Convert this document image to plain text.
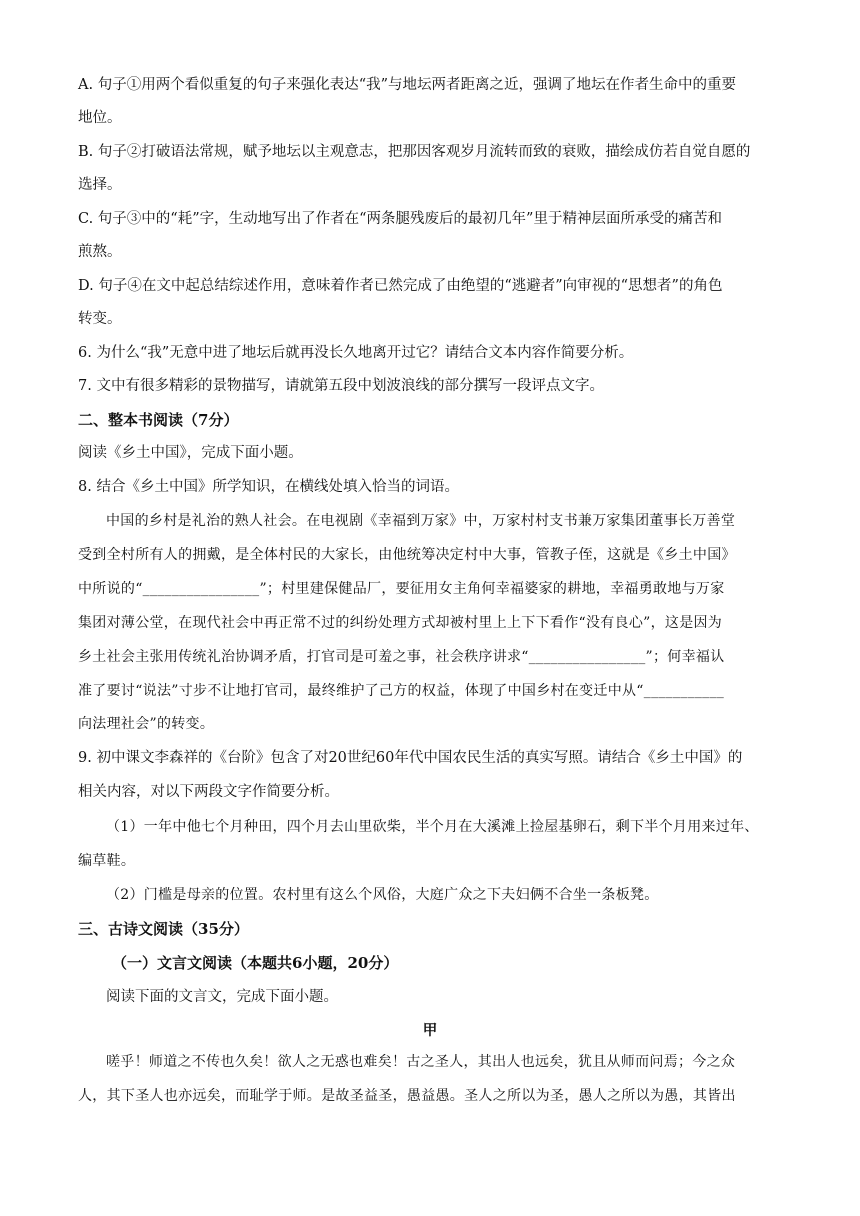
A. 句子①用两个看似重复的句子来强化表达“我”与地坛两者距离之近，强调了地坛在作者生命中的重要
地位。
B. 句子②打破语法常规，赋予地坛以主观意志，把那因客观岁月流转而致的衰败，描绘成仿若自觉自愿的
选择。
C. 句子③中的“耗”字，生动地写出了作者在“两条腿残废后的最初几年”里于精神层面所承受的痛苦和
煎熬。
D. 句子④在文中起总结综述作用，意味着作者已然完成了由绝望的“逃避者”向审视的“思想者”的角色
转变。
6. 为什么“我”无意中进了地坛后就再没长久地离开过它？请结合文本内容作简要分析。
7. 文中有很多精彩的景物描写，请就第五段中划波浪线的部分撰写一段评点文字。
二、整本书阅读（7分）
阅读《乡土中国》，完成下面小题。
8. 结合《乡土中国》所学知识，在横线处填入恰当的词语。
中国的乡村是礼治的熟人社会。在电视剧《幸福到万家》中，万家村村支书兼万家集团董事长万善堂
受到全村所有人的拥戴，是全体村民的大家长，由他统筹决定村中大事，管教子侄，这就是《乡土中国》
中所说的“________________”；村里建保健品厂，要征用女主角何幸福婆家的耕地，幸福勇敢地与万家
集团对薄公堂，在现代社会中再正常不过的纠纷处理方式却被村里上上下下看作“没有良心”，这是因为
乡土社会主张用传统礼治协调矛盾，打官司是可羞之事，社会秩序讲求“________________”；何幸福认
准了要讨“说法”寸步不让地打官司，最终维护了己方的权益，体现了中国乡村在变迁中从“___________
向法理社会”的转变。
9. 初中课文李森祥的《台阶》包含了对20世纪60年代中国农民生活的真实写照。请结合《乡土中国》的
相关内容，对以下两段文字作简要分析。
（1）一年中他七个月种田，四个月去山里砍柴，半个月在大溪滩上捡屋基卵石，剩下半个月用来过年、
编草鞋。
（2）门槛是母亲的位置。农村里有这么个风俗，大庭广众之下夫妇俩不合坐一条板凳。
三、古诗文阅读（35分）
（一）文言文阅读（本题共6小题，20分）
阅读下面的文言文，完成下面小题。
甲
嗟乎！师道之不传也久矣！欲人之无惑也难矣！古之圣人，其出人也远矣，犹且从师而问焉；今之众
人，其下圣人也亦远矣，而耻学于师。是故圣益圣，愚益愚。圣人之所以为圣，愚人之所以为愚，其皆出
